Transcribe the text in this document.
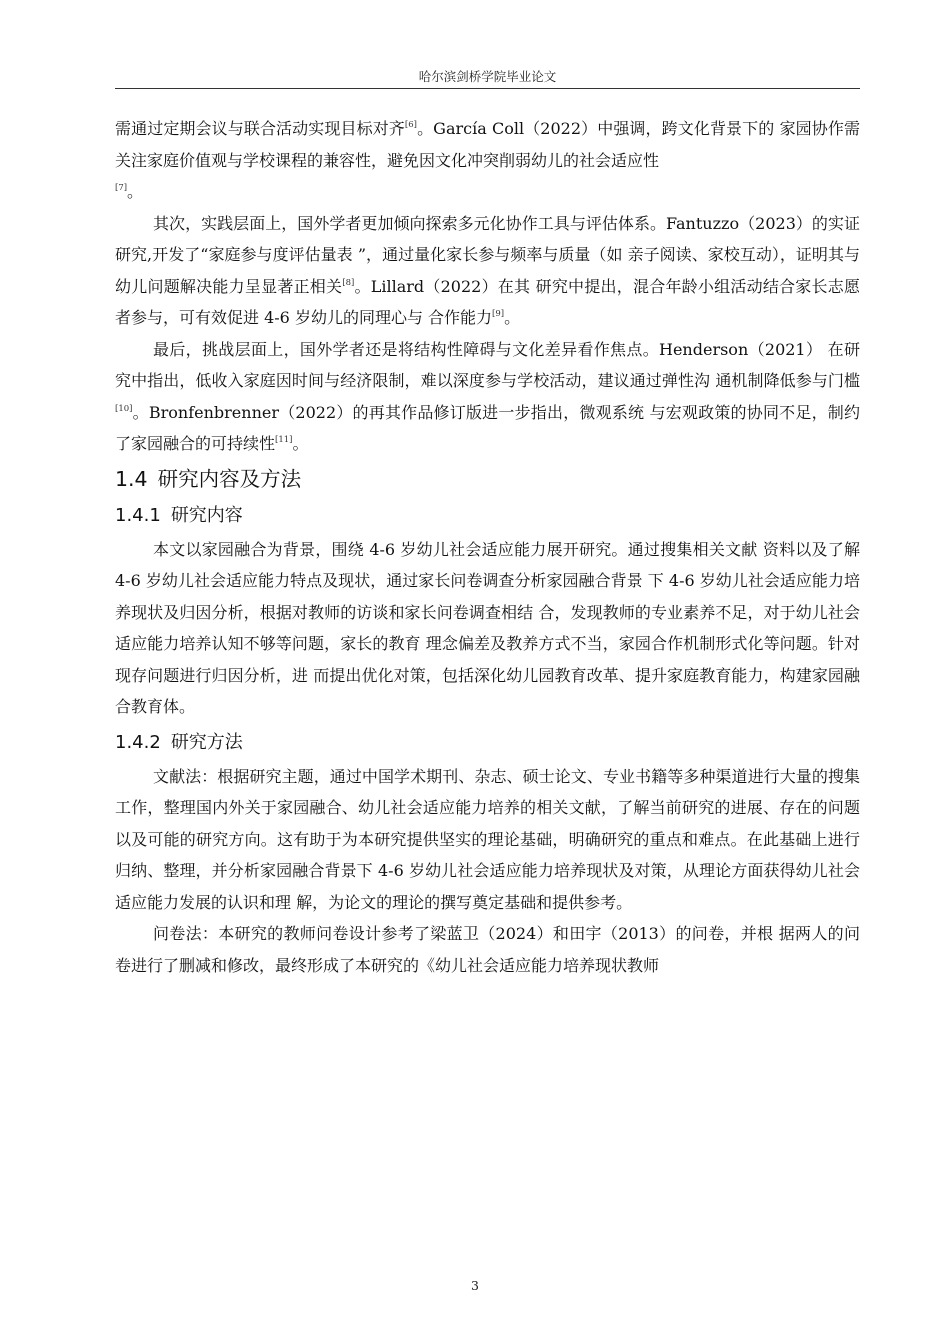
哈尔滨剑桥学院毕业论文

需通过定期会议与联合活动实现目标对齐[6]。García Coll（2022）中强调，跨文化背景下的 家园协作需关注家庭价值观与学校课程的兼容性，避免因文化冲突削弱幼儿的社会适应性
[7]。

其次，实践层面上，国外学者更加倾向探索多元化协作工具与评估体系。Fantuzzo（2023）的实证研究,开发了“家庭参与度评估量表 ”，通过量化家长参与频率与质量（如 亲子阅读、家校互动），证明其与幼儿问题解决能力呈显著正相关[8]。Lillard（2022）在其 研究中提出，混合年龄小组活动结合家长志愿者参与，可有效促进 4-6 岁幼儿的同理心与 合作能力[9]。

最后，挑战层面上，国外学者还是将结构性障碍与文化差异看作焦点。Henderson（2021） 在研究中指出，低收入家庭因时间与经济限制，难以深度参与学校活动，建议通过弹性沟 通机制降低参与门槛[10]。Bronfenbrenner（2022）的再其作品修订版进一步指出，微观系统 与宏观政策的协同不足，制约了家园融合的可持续性[11]。

1.4 研究内容及方法
1.4.1 研究内容

本文以家园融合为背景，围绕 4-6 岁幼儿社会适应能力展开研究。通过搜集相关文献 资料以及了解 4-6 岁幼儿社会适应能力特点及现状，通过家长问卷调查分析家园融合背景 下 4-6 岁幼儿社会适应能力培养现状及归因分析，根据对教师的访谈和家长问卷调查相结 合，发现教师的专业素养不足，对于幼儿社会适应能力培养认知不够等问题，家长的教育 理念偏差及教养方式不当，家园合作机制形式化等问题。针对现存问题进行归因分析，进 而提出优化对策，包括深化幼儿园教育改革、提升家庭教育能力，构建家园融合教育体。

1.4.2 研究方法

文献法：根据研究主题，通过中国学术期刊、杂志、硕士论文、专业书籍等多种渠道进行大量的搜集工作，整理国内外关于家园融合、幼儿社会适应能力培养的相关文献，了解当前研究的进展、存在的问题以及可能的研究方向。这有助于为本研究提供坚实的理论基础，明确研究的重点和难点。在此基础上进行归纳、整理，并分析家园融合背景下 4-6 岁幼儿社会适应能力培养现状及对策，从理论方面获得幼儿社会适应能力发展的认识和理 解，为论文的理论的撰写奠定基础和提供参考。

问卷法：本研究的教师问卷设计参考了梁蓝卫（2024）和田宇（2013）的问卷，并根 据两人的问卷进行了删减和修改，最终形成了本研究的《幼儿社会适应能力培养现状教师

3
